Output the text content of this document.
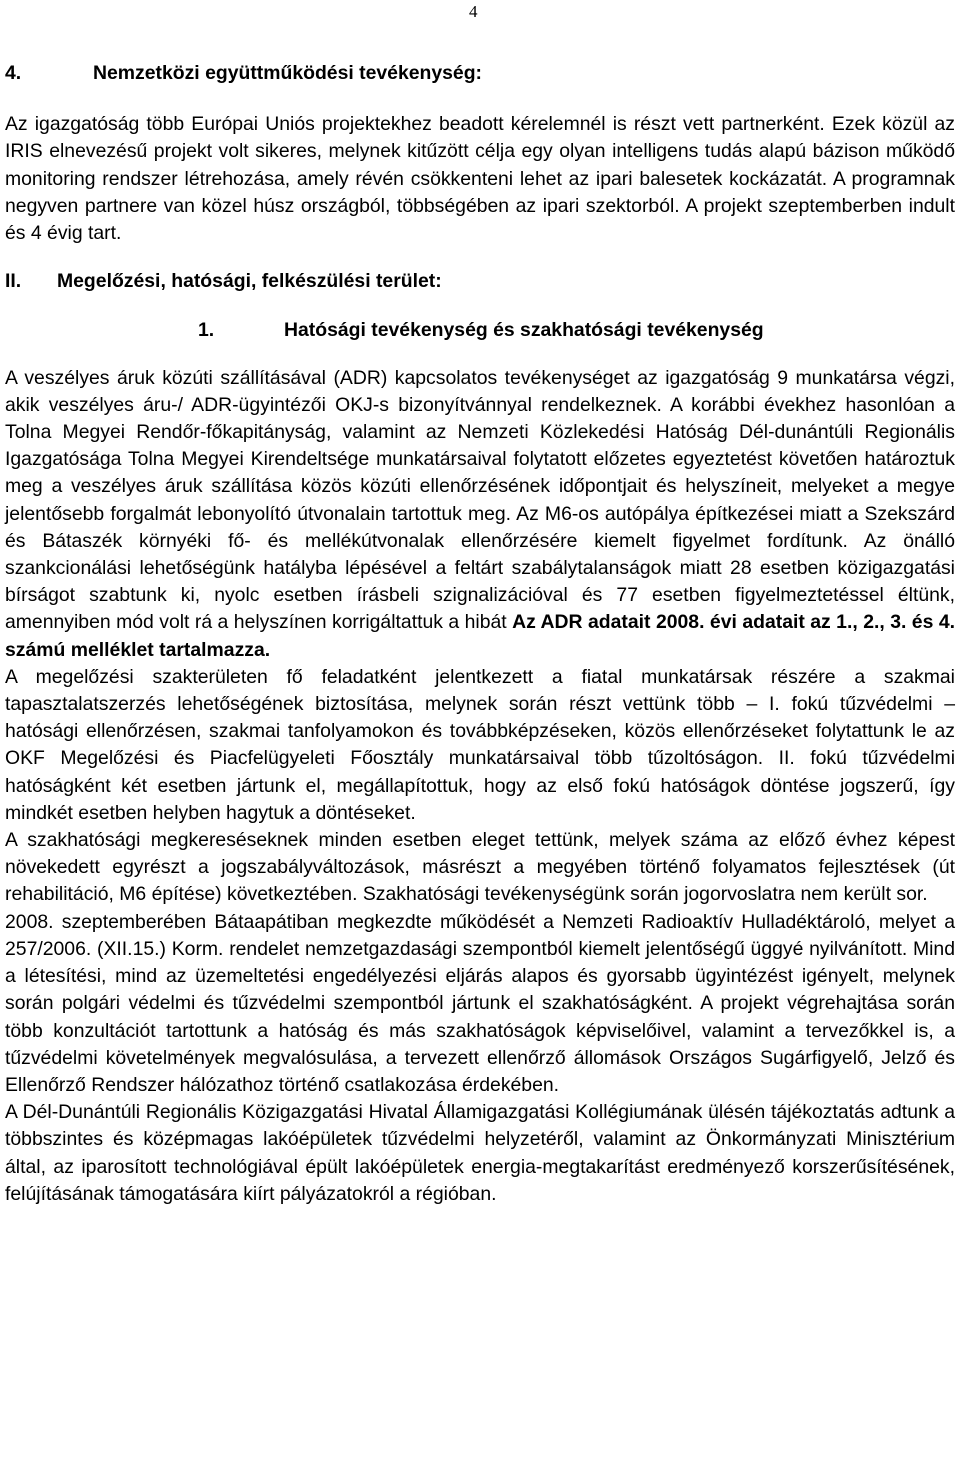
4
4.	Nemzetközi együttműködési tevékenység:

Az igazgatóság több Európai Uniós projektekhez beadott kérelemnél is részt vett partnerként. Ezek közül az IRIS elnevezésű projekt volt sikeres, melynek kitűzött célja egy olyan intelligens tudás alapú bázison működő monitoring rendszer létrehozása, amely révén csökkenteni lehet az ipari balesetek kockázatát. A programnak negyven partnere van közel húsz országból, többségében az ipari szektorból. A projekt szeptemberben indult és 4 évig tart.

II.	Megelőzési, hatósági, felkészülési terület:
1.	Hatósági tevékenység és szakhatósági tevékenység

A veszélyes áruk közúti szállításával (ADR) kapcsolatos tevékenységet az igazgatóság 9 munkatársa végzi, akik veszélyes áru-/ ADR-ügyintézői OKJ-s bizonyítvánnyal rendelkeznek. A korábbi évekhez hasonlóan a Tolna Megyei Rendőr-főkapitányság, valamint az Nemzeti Közlekedési Hatóság Dél-dunántúli Regionális Igazgatósága Tolna Megyei Kirendeltsége munkatársaival folytatott előzetes egyeztetést követően határoztuk meg a veszélyes áruk szállítása közös közúti ellenőrzésének időpontjait és helyszíneit, melyeket a megye jelentősebb forgalmát lebonyolító útvonalain tartottuk meg. Az M6-os autópálya építkezései miatt a Szekszárd és Bátaszék környéki fő- és mellékútvonalak ellenőrzésére kiemelt figyelmet fordítunk. Az önálló szankcionálási lehetőségünk hatályba lépésével a feltárt szabálytalanságok miatt 28 esetben közigazgatási bírságot szabtunk ki, nyolc esetben írásbeli szignalizációval és 77 esetben figyelmeztetéssel éltünk, amennyiben mód volt rá a helyszínen korrigáltattuk a hibát Az ADR adatait 2008. évi adatait az 1., 2., 3. és 4. számú melléklet tartalmazza.

A megelőzési szakterületen fő feladatként jelentkezett a fiatal munkatársak részére a szakmai tapasztalatszerzés lehetőségének biztosítása, melynek során részt vettünk több – I. fokú tűzvédelmi – hatósági ellenőrzésen, szakmai tanfolyamokon és továbbképzéseken, közös ellenőrzéseket folytattunk le az OKF Megelőzési és Piacfelügyeleti Főosztály munkatársaival több tűzoltóságon. II. fokú tűzvédelmi hatóságként két esetben jártunk el, megállapítottuk, hogy az első fokú hatóságok döntése jogszerű, így mindkét esetben helyben hagytuk a döntéseket.

A szakhatósági megkereséseknek minden esetben eleget tettünk, melyek száma az előző évhez képest növekedett egyrészt a jogszabályváltozások, másrészt a megyében történő folyamatos fejlesztések (út rehabilitáció, M6 építése) következtében. Szakhatósági tevékenységünk során jogorvoslatra nem került sor.

2008. szeptemberében Bátaapátiban megkezdte működését a Nemzeti Radioaktív Hulladéktároló, melyet a 257/2006. (XII.15.) Korm. rendelet nemzetgazdasági szempontból kiemelt jelentőségű üggyé nyilvánított. Mind a létesítési, mind az üzemeltetési engedélyezési eljárás alapos és gyorsabb ügyintézést igényelt, melynek során polgári védelmi és tűzvédelmi szempontból jártunk el szakhatóságként. A projekt végrehajtása során több konzultációt tartottunk a hatóság és más szakhatóságok képviselőivel, valamint a tervezőkkel is, a tűzvédelmi követelmények megvalósulása, a tervezett ellenőrző állomások Országos Sugárfigyelő, Jelző és Ellenőrző Rendszer hálózathoz történő csatlakozása érdekében.

A Dél-Dunántúli Regionális Közigazgatási Hivatal Államigazgatási Kollégiumának ülésén tájékoztatás adtunk a többszintes és középmagas lakóépületek tűzvédelmi helyzetéről, valamint az Önkormányzati Minisztérium által, az iparosított technológiával épült lakóépületek energia-megtakarítást eredményező korszerűsítésének, felújításának támogatására kiírt pályázatokról a régióban.
